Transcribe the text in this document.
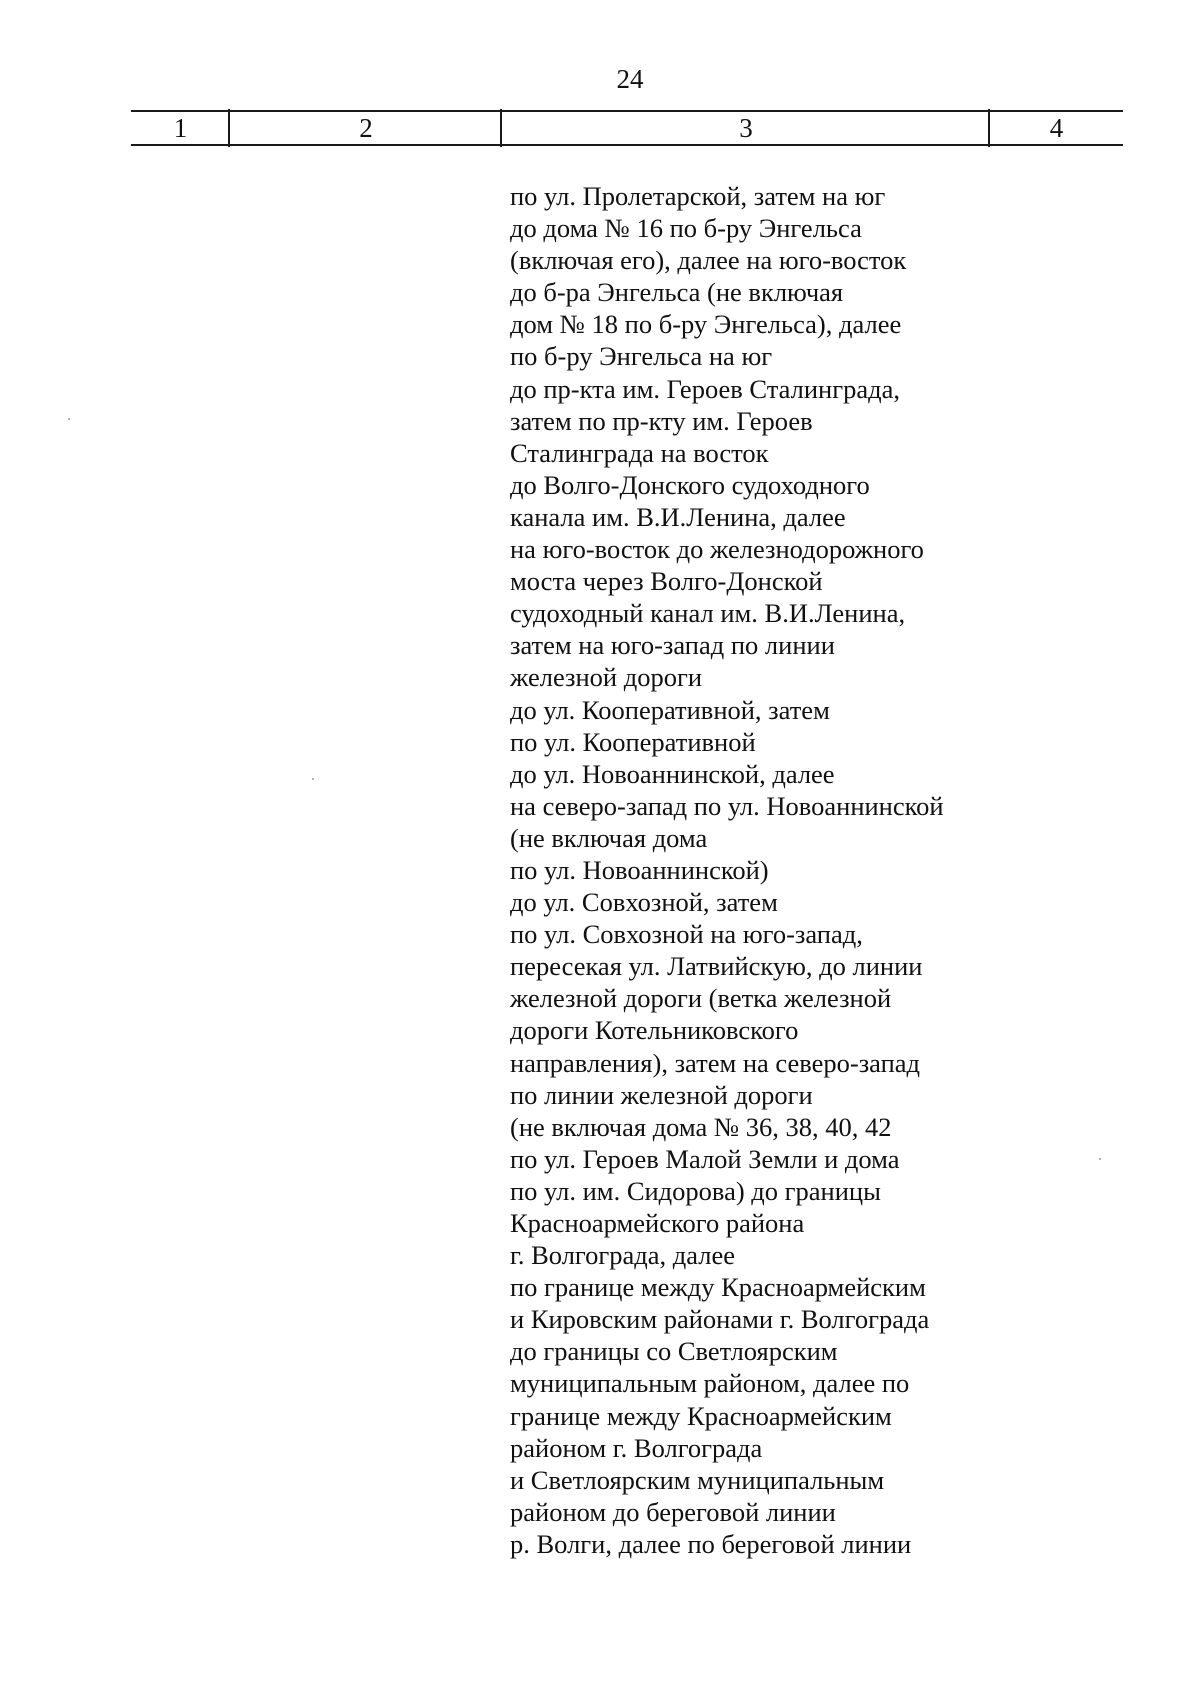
24
1	2	3	4
по ул. Пролетарской, затем на юг
до дома № 16 по б-ру Энгельса
(включая его), далее на юго-восток
до б-ра Энгельса (не включая
дом № 18 по б-ру Энгельса), далее
по б-ру Энгельса на юг
до пр-кта им. Героев Сталинграда,
затем по пр-кту им. Героев
Сталинграда на восток
до Волго-Донского судоходного
канала им. В.И.Ленина, далее
на юго-восток до железнодорожного
моста через Волго-Донской
судоходный канал им. В.И.Ленина,
затем на юго-запад по линии
железной дороги
до ул. Кооперативной, затем
по ул. Кооперативной
до ул. Новоаннинской, далее
на северо-запад по ул. Новоаннинской
(не включая дома
по ул. Новоаннинской)
до ул. Совхозной, затем
по ул. Совхозной на юго-запад,
пересекая ул. Латвийскую, до линии
железной дороги (ветка железной
дороги Котельниковского
направления), затем на северо-запад
по линии железной дороги
(не включая дома № 36, 38, 40, 42
по ул. Героев Малой Земли и дома
по ул. им. Сидорова) до границы
Красноармейского района
г. Волгограда, далее
по границе между Красноармейским
и Кировским районами г. Волгограда
до границы со Светлоярским
муниципальным районом, далее по
границе между Красноармейским
районом г. Волгограда
и Светлоярским муниципальным
районом до береговой линии
р. Волги, далее по береговой линии
